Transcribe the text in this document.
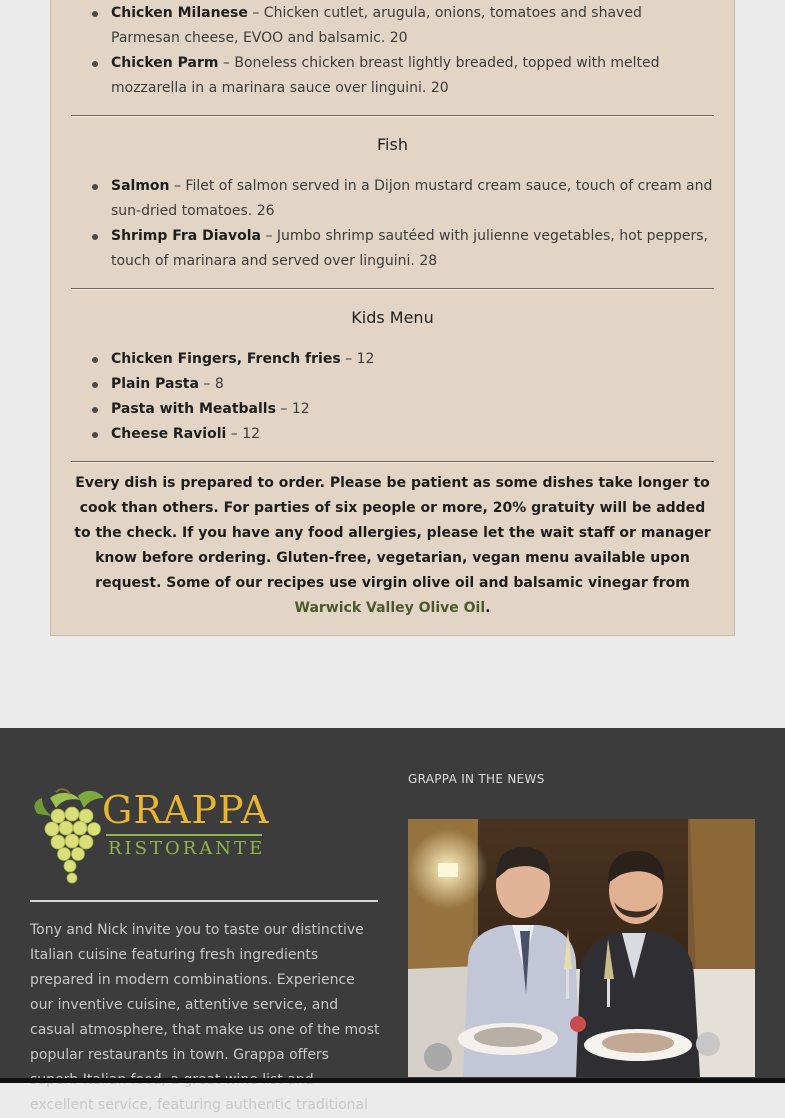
Chicken Milanese – Chicken cutlet, arugula, onions, tomatoes and shaved Parmesan cheese, EVOO and balsamic. 20
Chicken Parm – Boneless chicken breast lightly breaded, topped with melted mozzarella in a marinara sauce over linguini. 20
Fish
Salmon – Filet of salmon served in a Dijon mustard cream sauce, touch of cream and sun-dried tomatoes. 26
Shrimp Fra Diavola – Jumbo shrimp sautéed with julienne vegetables, hot peppers, touch of marinara and served over linguini. 28
Kids Menu
Chicken Fingers, French fries – 12
Plain Pasta – 8
Pasta with Meatballs – 12
Cheese Ravioli – 12

Every dish is prepared to order. Please be patient as some dishes take longer to cook than others. For parties of six people or more, 20% gratuity will be added to the check. If you have any food allergies, please let the wait staff or manager know before ordering. Gluten-free, vegetarian, vegan menu available upon request. Some of our recipes use virgin olive oil and balsamic vinegar from Warwick Valley Olive Oil.

GRAPPA
RISTORANTE
Tony and Nick invite you to taste our distinctive Italian cuisine featuring fresh ingredients prepared in modern combinations. Experience our inventive cuisine, attentive service, and casual atmosphere, that make us one of the most popular restaurants in town. Grappa offers excellent service, featuring authentic traditional
GRAPPA IN THE NEWS
